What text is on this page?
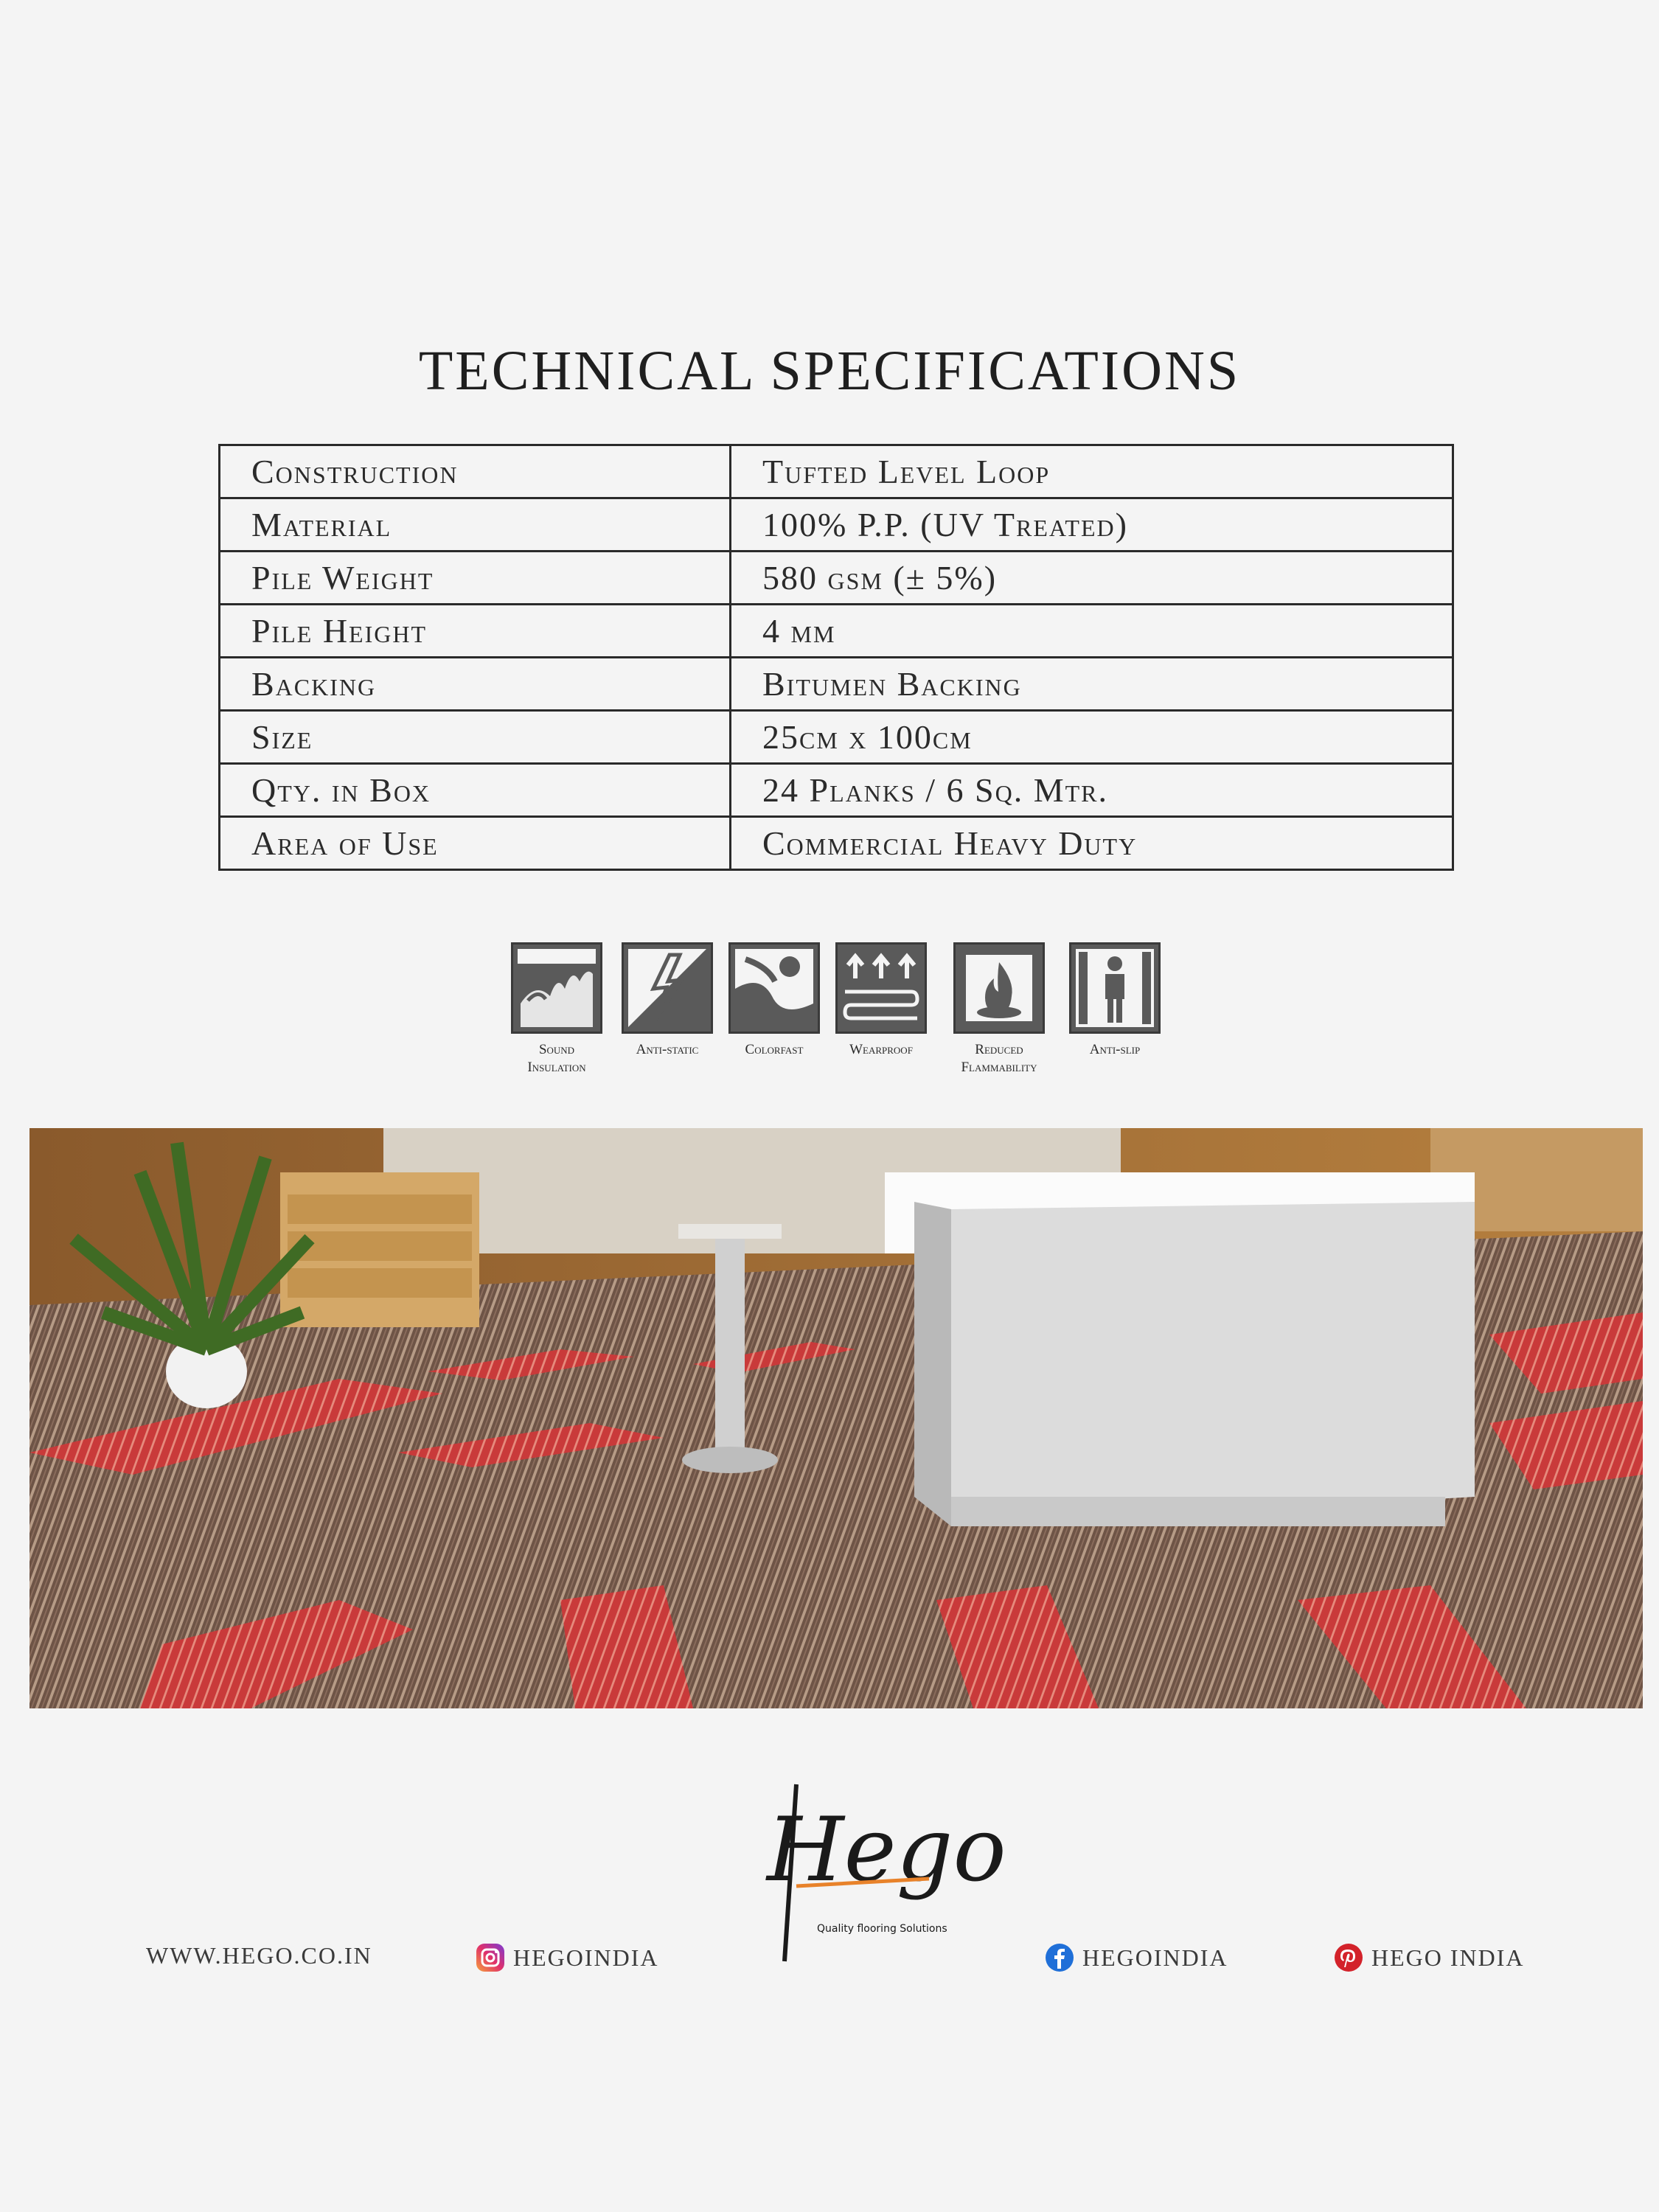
TECHNICAL SPECIFICATIONS
Construction	Tufted Level Loop
Material	100% P.P. (UV Treated)
Pile Weight	580 gsm (± 5%)
Pile Height	4 mm
Backing	Bitumen Backing
Size	25cm x 100cm
Qty. in Box	24 Planks / 6 Sq. Mtr.
Area of Use	Commercial Heavy Duty
Sound
Insulation
Anti-static	Colorfast	Wearproof	Reduced
Flammability
Anti-slip

Hego
Quality flooring Solutions
WWW.HEGO.CO.IN	HEGOINDIA	HEGOINDIA	HEGO INDIA
